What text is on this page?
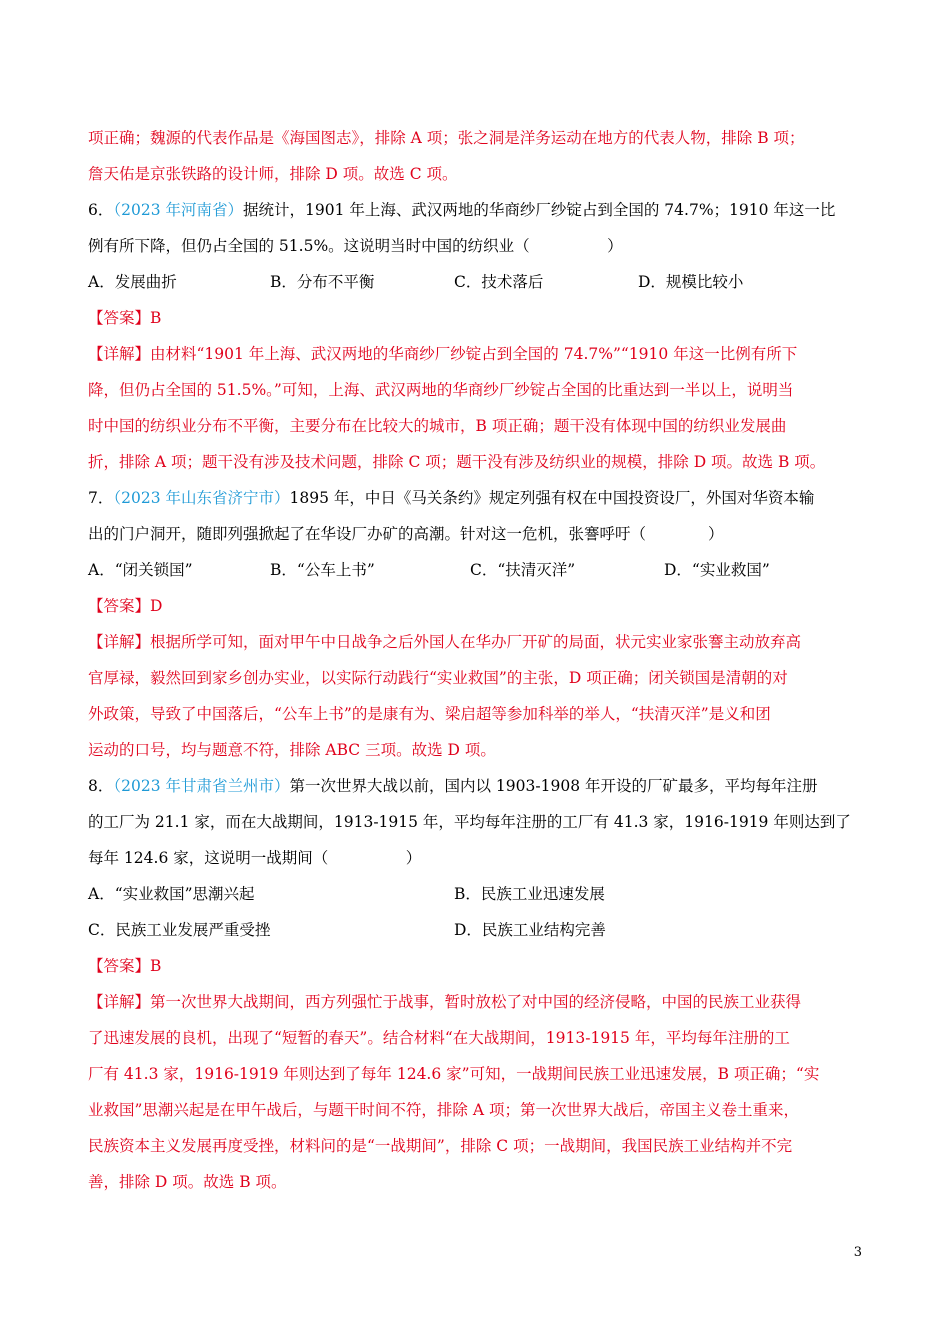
项正确；魏源的代表作品是《海国图志》，排除 A 项；张之洞是洋务运动在地方的代表人物，排除 B 项；
詹天佑是京张铁路的设计师，排除 D 项。故选 C 项。
6．（2023 年河南省）据统计，1901 年上海、武汉两地的华商纱厂纱锭占到全国的 74.7%；1910 年这一比
例有所下降，但仍占全国的 51.5%。这说明当时中国的纺织业（　　　　　）
A．发展曲折	B．分布不平衡	C．技术落后	D．规模比较小
【答案】B
【详解】由材料“1901 年上海、武汉两地的华商纱厂纱锭占到全国的 74.7%”“1910 年这一比例有所下
降，但仍占全国的 51.5%。”可知，上海、武汉两地的华商纱厂纱锭占全国的比重达到一半以上，说明当
时中国的纺织业分布不平衡，主要分布在比较大的城市，B 项正确；题干没有体现中国的纺织业发展曲
折，排除 A 项；题干没有涉及技术问题，排除 C 项；题干没有涉及纺织业的规模，排除 D 项。故选 B 项。
7．（2023 年山东省济宁市）1895 年，中日《马关条约》规定列强有权在中国投资设厂，外国对华资本输
出的门户洞开，随即列强掀起了在华设厂办矿的高潮。针对这一危机，张謇呼吁（　　　　）
A．“闭关锁国”	B．“公车上书”	C．“扶清灭洋”	D．“实业救国”
【答案】D
【详解】根据所学可知，面对甲午中日战争之后外国人在华办厂开矿的局面，状元实业家张謇主动放弃高
官厚禄，毅然回到家乡创办实业，以实际行动践行“实业救国”的主张，D 项正确；闭关锁国是清朝的对
外政策，导致了中国落后，“公车上书”的是康有为、梁启超等参加科举的举人，“扶清灭洋”是义和团
运动的口号，均与题意不符，排除 ABC 三项。故选 D 项。
8．（2023 年甘肃省兰州市）第一次世界大战以前，国内以 1903-1908 年开设的厂矿最多，平均每年注册
的工厂为 21.1 家，而在大战期间，1913-1915 年，平均每年注册的工厂有 41.3 家，1916-1919 年则达到了
每年 124.6 家，这说明一战期间（　　　　　）
A．“实业救国”思潮兴起	B．民族工业迅速发展
C．民族工业发展严重受挫	D．民族工业结构完善
【答案】B
【详解】第一次世界大战期间，西方列强忙于战事，暂时放松了对中国的经济侵略，中国的民族工业获得
了迅速发展的良机，出现了“短暂的春天”。结合材料“在大战期间，1913-1915 年，平均每年注册的工
厂有 41.3 家，1916-1919 年则达到了每年 124.6 家”可知，一战期间民族工业迅速发展，B 项正确；“实
业救国”思潮兴起是在甲午战后，与题干时间不符，排除 A 项；第一次世界大战后，帝国主义卷土重来，
民族资本主义发展再度受挫，材料问的是“一战期间”，排除 C 项；一战期间，我国民族工业结构并不完
善，排除 D 项。故选 B 项。
3
